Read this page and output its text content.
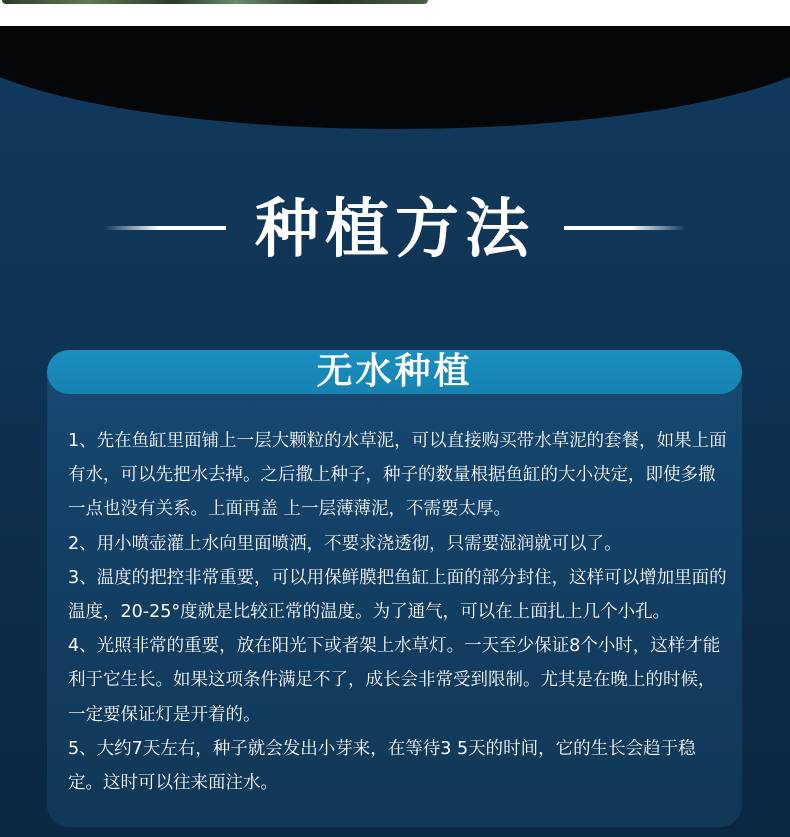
种植方法
无水种植

1、先在鱼缸里面铺上一层大颗粒的水草泥，可以直接购买带水草泥的套餐，如果上面有水，可以先把水去掉。之后撒上种子，种子的数量根据鱼缸的大小决定，即使多撒一点也没有关系。上面再盖 上一层薄薄泥，不需要太厚。

2、用小喷壶灌上水向里面喷洒，不要求浇透彻，只需要湿润就可以了。

3、温度的把控非常重要，可以用保鲜膜把鱼缸上面的部分封住，这样可以增加里面的温度，20-25°度就是比较正常的温度。为了通气，可以在上面扎上几个小孔。

4、光照非常的重要，放在阳光下或者架上水草灯。一天至少保证8个小时，这样才能利于它生长。如果这项条件满足不了，成长会非常受到限制。尤其是在晚上的时候，一定要保证灯是开着的。

5、大约7天左右，种子就会发出小芽来，在等待3 5天的时间，它的生长会趋于稳定。这时可以往来面注水。
